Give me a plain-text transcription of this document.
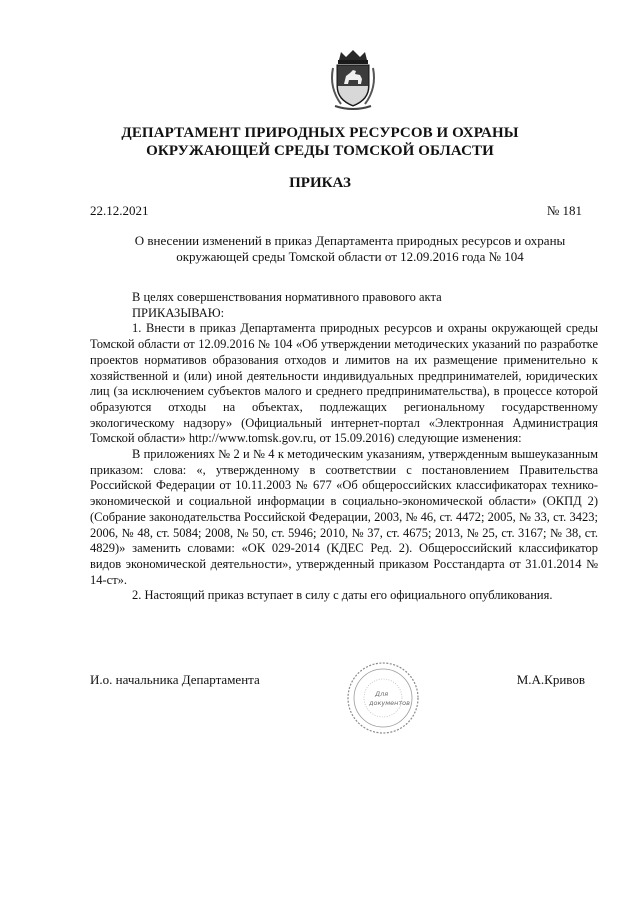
ДЕПАРТАМЕНТ ПРИРОДНЫХ РЕСУРСОВ И ОХРАНЫ
ОКРУЖАЮЩЕЙ СРЕДЫ ТОМСКОЙ ОБЛАСТИ
ПРИКАЗ
22.12.2021	№ 181
О внесении изменений в приказ Департамента природных ресурсов и охраны
окружающей среды Томской области от 12.09.2016 года № 104

В целях совершенствования нормативного правового акта

ПРИКАЗЫВАЮ:

1. Внести в приказ Департамента природных ресурсов и охраны окружающей среды Томской области от 12.09.2016 № 104 «Об утверждении методических указаний по разработке проектов нормативов образования отходов и лимитов на их размещение применительно к хозяйственной и (или) иной деятельности индивидуальных предпринимателей, юридических лиц (за исключением субъектов малого и среднего предпринимательства), в процессе которой образуются отходы на объектах, подлежащих региональному государственному экологическому надзору» (Официальный интернет-портал «Электронная Администрация Томской области» http://www.tomsk.gov.ru, от 15.09.2016) следующие изменения:

В приложениях № 2 и № 4 к методическим указаниям, утвержденным вышеуказанным приказом: слова: «, утвержденному в соответствии с постановлением Правительства Российской Федерации от 10.11.2003 № 677 «Об общероссийских классификаторах технико-экономической и социальной информации в социально-экономической области» (ОКПД 2) (Собрание законодательства Российской Федерации, 2003, № 46, ст. 4472; 2005, № 33, ст. 3423; 2006, № 48, ст. 5084; 2008, № 50, ст. 5946; 2010, № 37, ст. 4675; 2013, № 25, ст. 3167; № 38, ст. 4829)» заменить словами: «ОК 029-2014 (КДЕС Ред. 2). Общероссийский классификатор видов экономической деятельности», утвержденный приказом Росстандарта от 31.01.2014 № 14-ст».

2. Настоящий приказ вступает в силу с даты его официального опубликования.

И.о. начальника Департамента	М.А.Кривов
Для
документов
